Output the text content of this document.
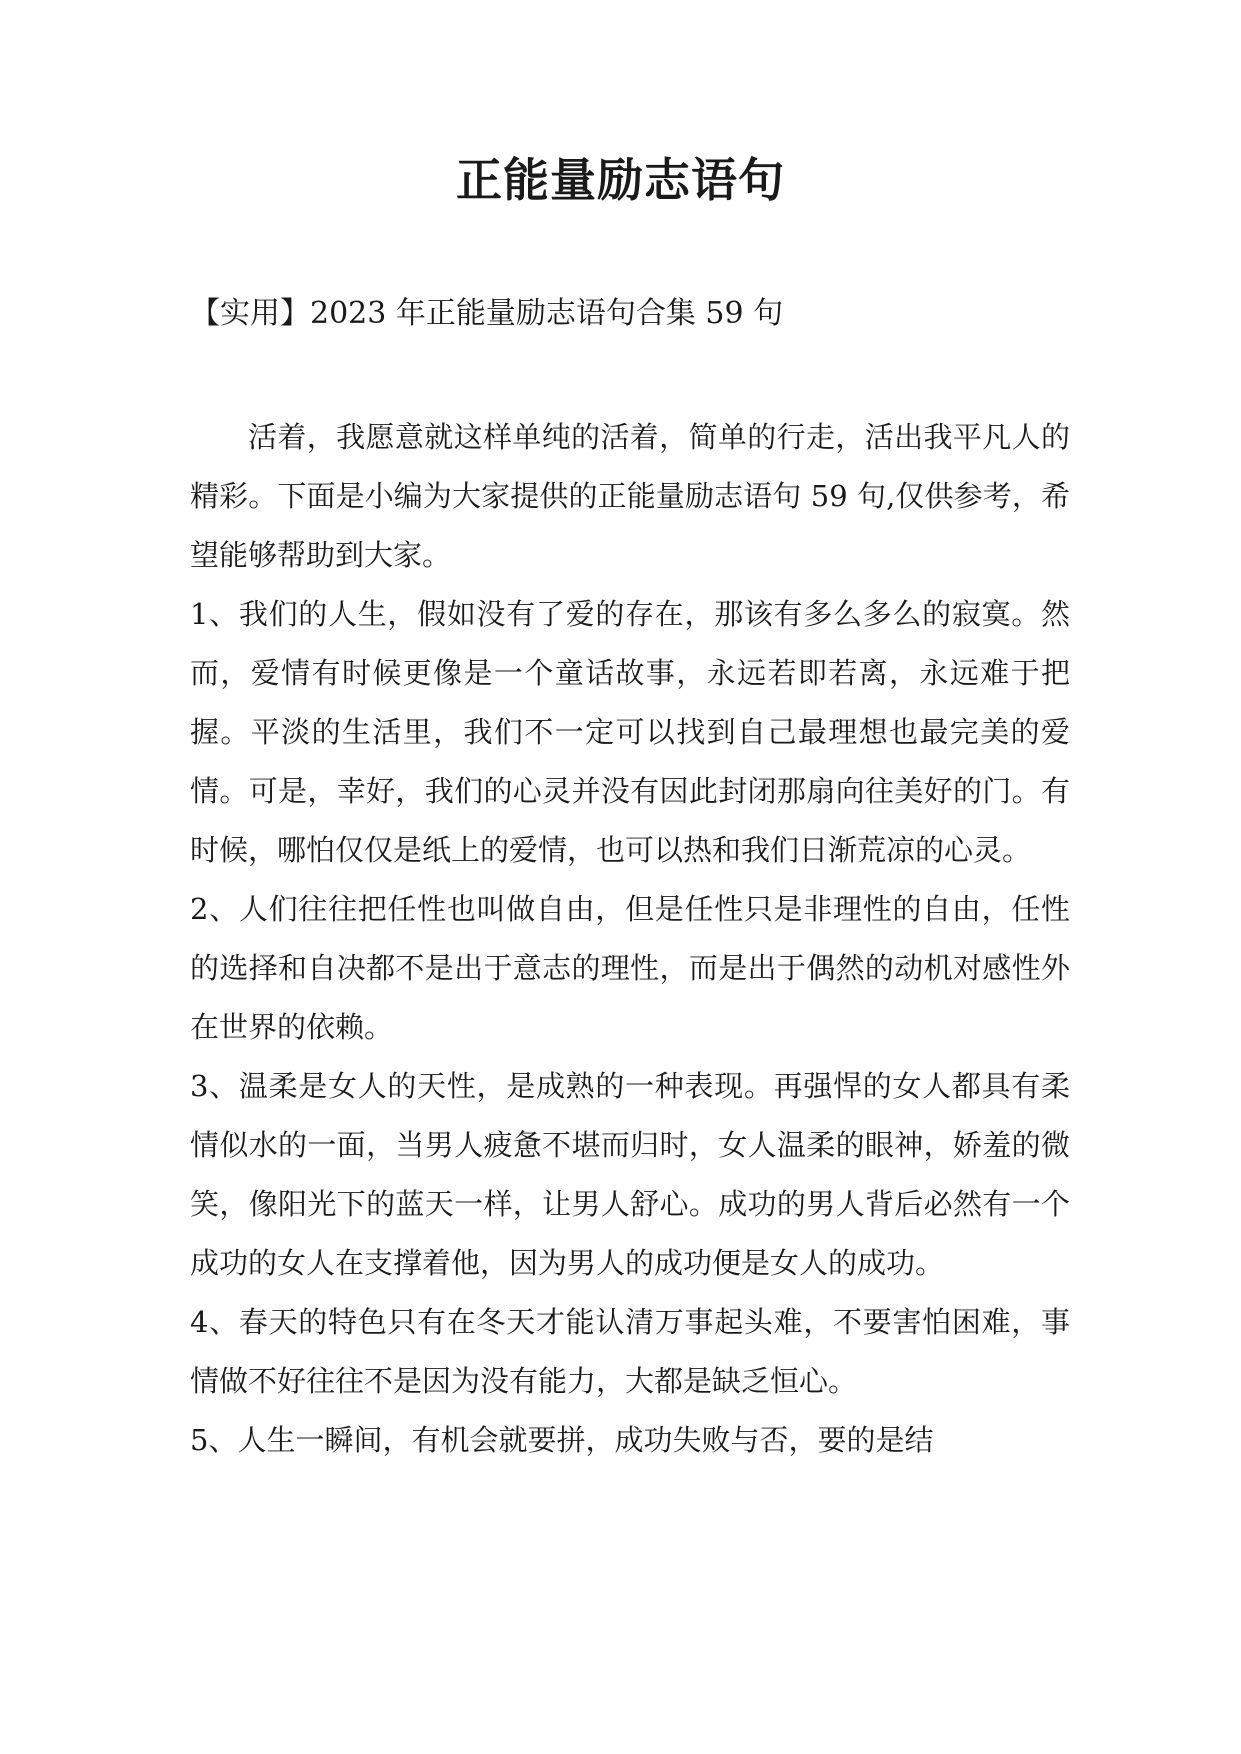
正能量励志语句
【实用】2023 年正能量励志语句合集 59 句

活着，我愿意就这样单纯的活着，简单的行走，活出我平凡人的精彩。下面是小编为大家提供的正能量励志语句 59 句,仅供参考，希望能够帮助到大家。

1、我们的人生，假如没有了爱的存在，那该有多么多么的寂寞。然而，爱情有时候更像是一个童话故事，永远若即若离，永远难于把握。平淡的生活里，我们不一定可以找到自己最理想也最完美的爱情。可是，幸好，我们的心灵并没有因此封闭那扇向往美好的门。有时候，哪怕仅仅是纸上的爱情，也可以热和我们日渐荒凉的心灵。

2、人们往往把任性也叫做自由，但是任性只是非理性的自由，任性的选择和自决都不是出于意志的理性，而是出于偶然的动机对感性外在世界的依赖。

3、温柔是女人的天性，是成熟的一种表现。再强悍的女人都具有柔情似水的一面，当男人疲惫不堪而归时，女人温柔的眼神，娇羞的微笑，像阳光下的蓝天一样，让男人舒心。成功的男人背后必然有一个成功的女人在支撑着他，因为男人的成功便是女人的成功。

4、春天的特色只有在冬天才能认清万事起头难，不要害怕困难，事情做不好往往不是因为没有能力，大都是缺乏恒心。

5、人生一瞬间，有机会就要拼，成功失败与否，要的是结
